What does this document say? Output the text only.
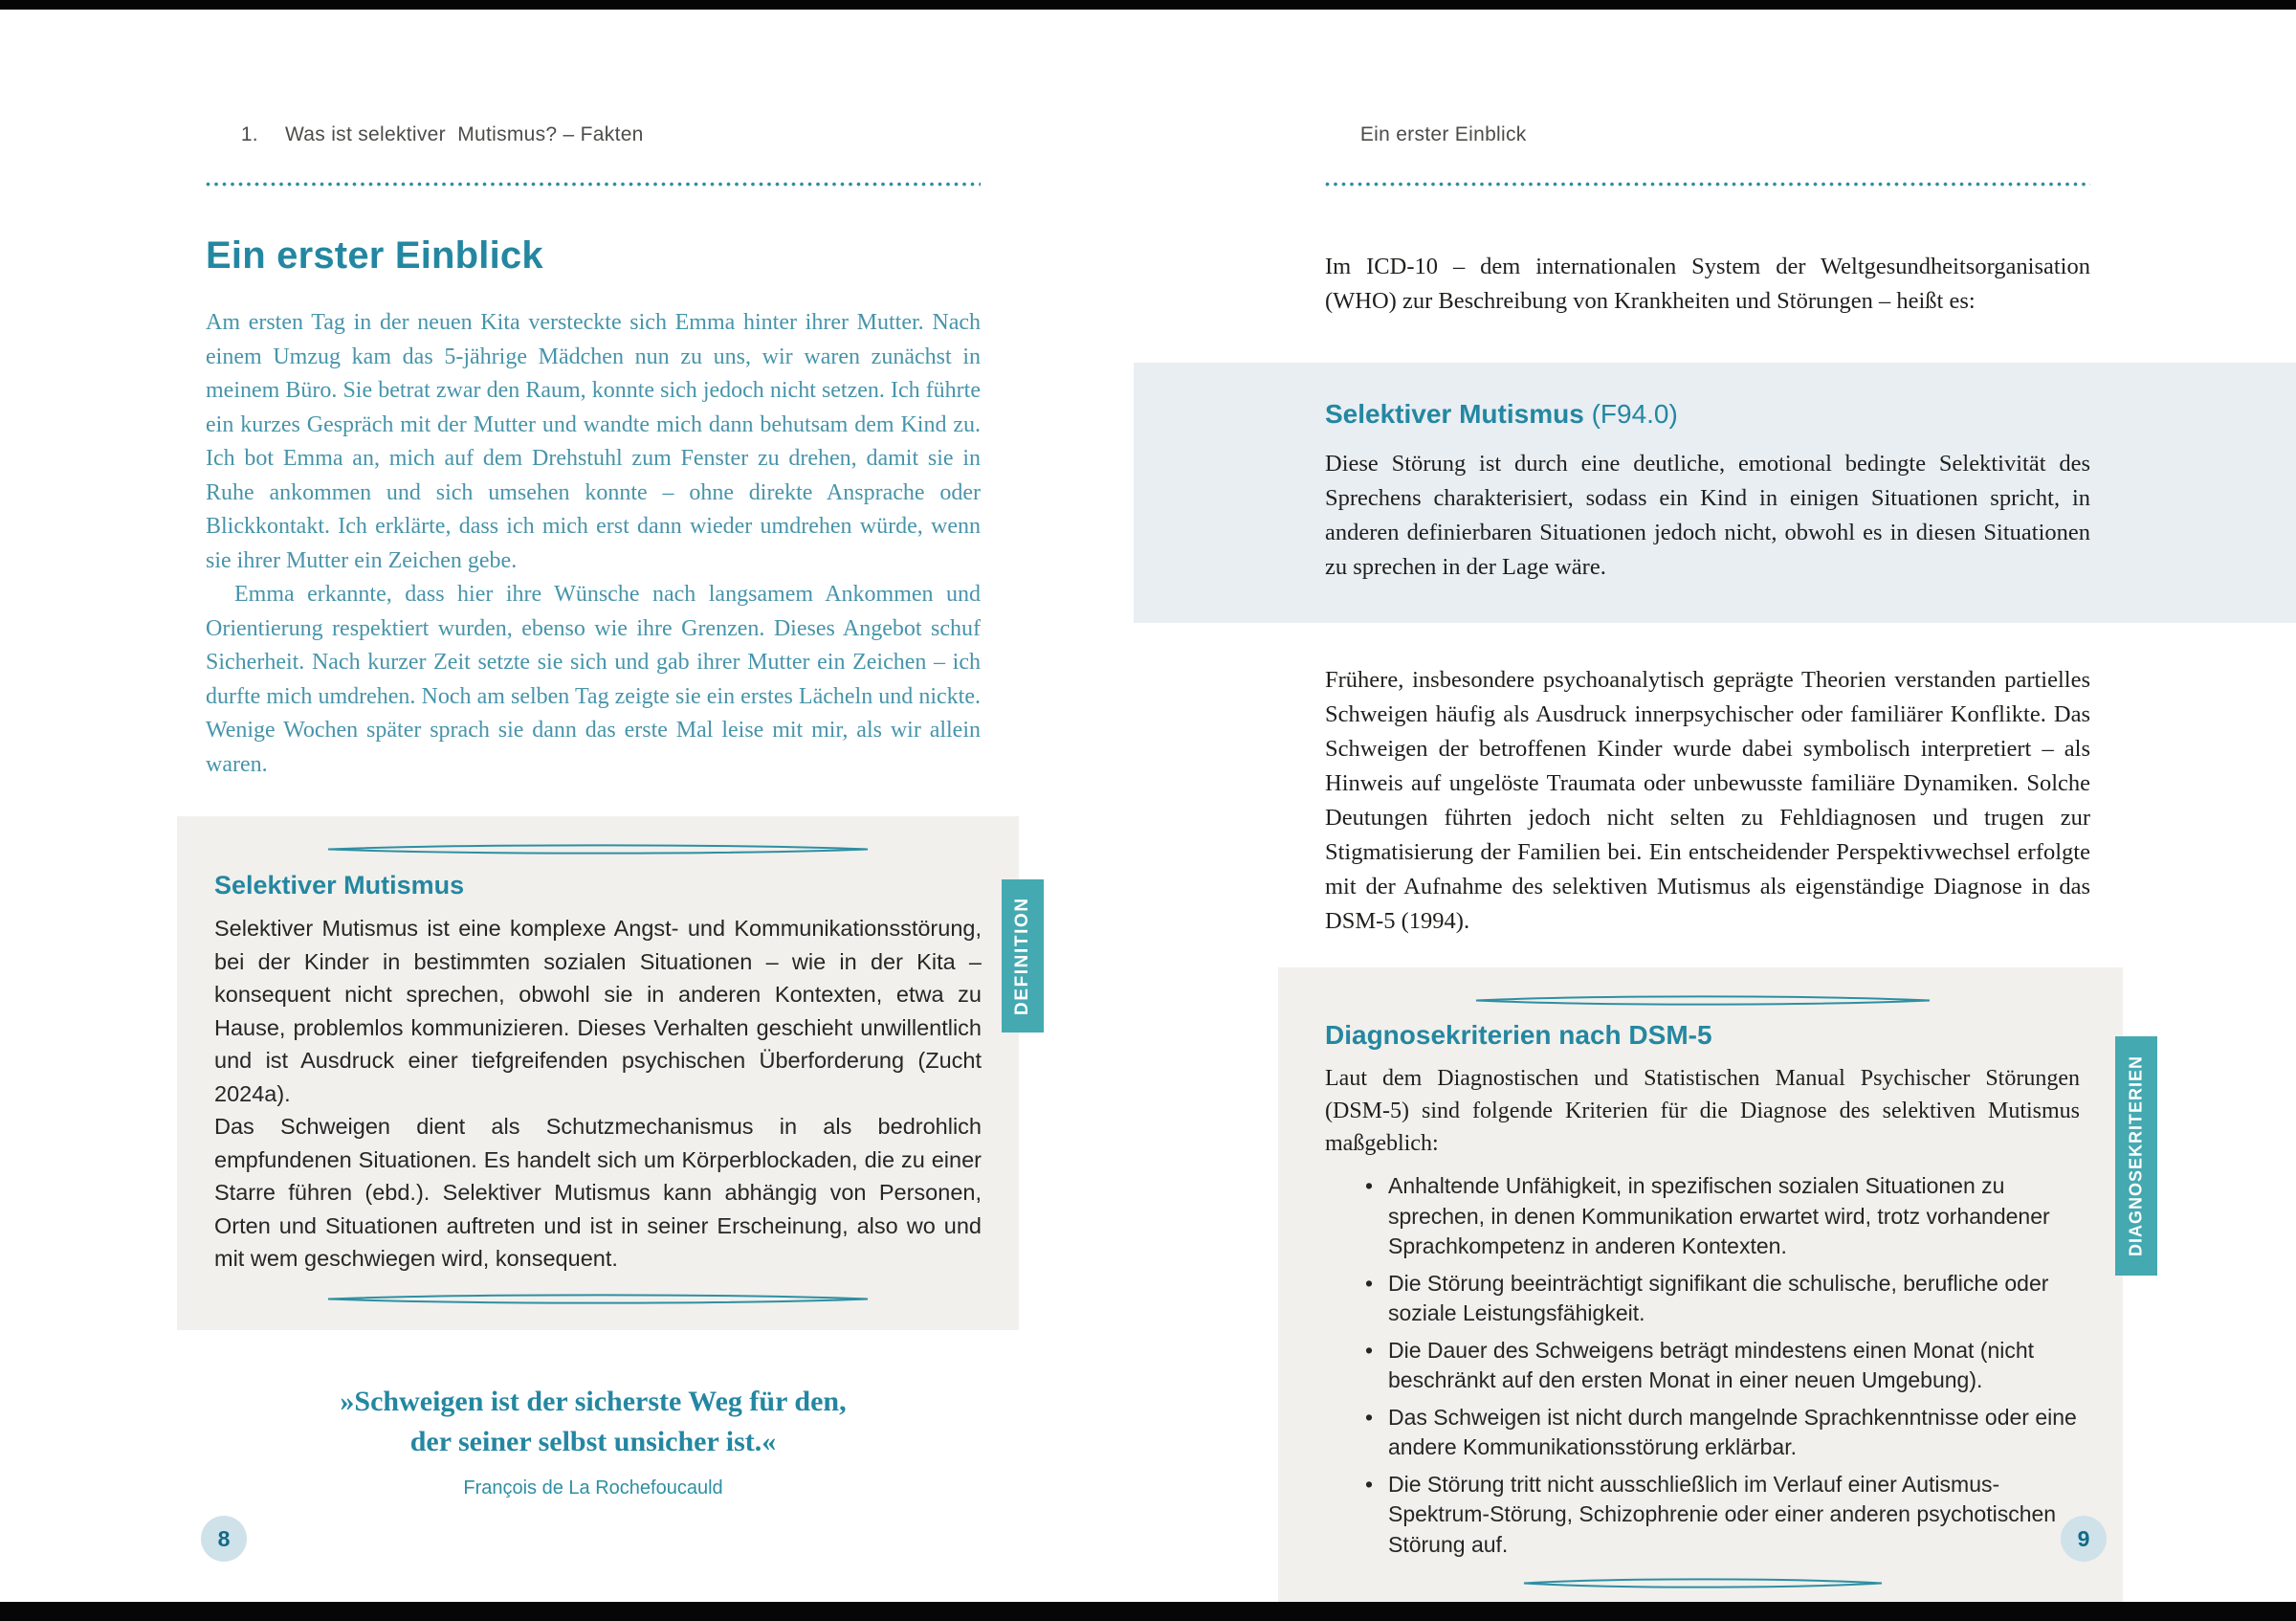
1. Was ist selektiver  Mutismus? – Fakten

Ein erster Einblick

Am ersten Tag in der neuen Kita versteckte sich Emma hinter ihrer Mutter. Nach einem Umzug kam das 5-jährige Mädchen nun zu uns, wir waren zunächst in meinem Büro. Sie betrat zwar den Raum, konnte sich jedoch nicht setzen. Ich führte ein kurzes Gespräch mit der Mutter und wandte mich dann behutsam dem Kind zu. Ich bot Emma an, mich auf dem Drehstuhl zum Fenster zu drehen, damit sie in Ruhe ankommen und sich umsehen konnte – ohne direkte Ansprache oder Blickkontakt. Ich erklärte, dass ich mich erst dann wieder umdrehen würde, wenn sie ihrer Mutter ein Zeichen gebe.

Emma erkannte, dass hier ihre Wünsche nach langsamem Ankommen und Orientierung respektiert wurden, ebenso wie ihre Grenzen. Dieses Angebot schuf Sicherheit. Nach kurzer Zeit setzte sie sich und gab ihrer Mutter ein Zeichen – ich durfte mich umdrehen. Noch am selben Tag zeigte sie ein erstes Lächeln und nickte. Wenige Wochen später sprach sie dann das erste Mal leise mit mir, als wir allein waren.

Selektiver Mutismus

Selektiver Mutismus ist eine komplexe Angst- und Kommunikationsstörung, bei der Kinder in bestimmten sozialen Situationen – wie in der Kita – konsequent nicht sprechen, obwohl sie in anderen Kontexten, etwa zu Hause, problemlos kommunizieren. Dieses Verhalten geschieht unwillentlich und ist Ausdruck einer tiefgreifenden psychischen Überforderung (Zucht 2024a).

Das Schweigen dient als Schutzmechanismus in als bedrohlich empfundenen Situationen. Es handelt sich um Körperblockaden, die zu einer Starre führen (ebd.). Selektiver Mutismus kann abhängig von Personen, Orten und Situationen auftreten und ist in seiner Erscheinung, also wo und mit wem geschwiegen wird, konsequent.

DEFINITION
»Schweigen ist der sicherste Weg für den,
der seiner selbst unsicher ist.«
François de La Rochefoucauld
8

Ein erster Einblick

Im ICD-10 – dem internationalen System der Weltgesundheitsorganisation (WHO) zur Beschreibung von Krankheiten und Störungen – heißt es:

Selektiver Mutismus (F94.0)

Diese Störung ist durch eine deutliche, emotional bedingte Selektivität des Sprechens charakterisiert, sodass ein Kind in einigen Situationen spricht, in anderen definierbaren Situationen jedoch nicht, obwohl es in diesen Situationen zu sprechen in der Lage wäre.

Frühere, insbesondere psychoanalytisch geprägte Theorien verstanden partielles Schweigen häufig als Ausdruck innerpsychischer oder familiärer Konflikte. Das Schweigen der betroffenen Kinder wurde dabei symbolisch interpretiert – als Hinweis auf ungelöste Traumata oder unbewusste familiäre Dynamiken. Solche Deutungen führten jedoch nicht selten zu Fehldiagnosen und trugen zur Stigmatisierung der Familien bei. Ein entscheidender Perspektivwechsel erfolgte mit der Aufnahme des selektiven Mutismus als eigenständige Diagnose in das DSM-5 (1994).

Diagnosekriterien nach DSM-5

Laut dem Diagnostischen und Statistischen Manual Psychischer Störungen (DSM-5) sind folgende Kriterien für die Diagnose des selektiven Mutismus maßgeblich:

• Anhaltende Unfähigkeit, in spezifischen sozialen Situationen zu sprechen, in denen Kommunikation erwartet wird, trotz vorhandener Sprachkompetenz in anderen Kontexten.
• Die Störung beeinträchtigt signifikant die schulische, berufliche oder soziale Leistungsfähigkeit.
• Die Dauer des Schweigens beträgt mindestens einen Monat (nicht beschränkt auf den ersten Monat in einer neuen Umgebung).
• Das Schweigen ist nicht durch mangelnde Sprachkenntnisse oder eine andere Kommunikationsstörung erklärbar.
• Die Störung tritt nicht ausschließlich im Verlauf einer Autismus-Spektrum-Störung, Schizophrenie oder einer anderen psychotischen Störung auf.
DIAGNOSEKRITERIEN
9
